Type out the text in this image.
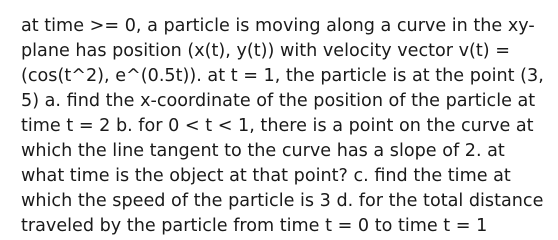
at time >= 0, a particle is moving along a curve in the xy-plane has position (x(t), y(t)) with velocity vector v(t) = (cos(t^2), e^(0.5t)). at t = 1, the particle is at the point (3, 5) a. find the x-coordinate of the position of the particle at time t = 2 b. for 0 < t < 1, there is a point on the curve at which the line tangent to the curve has a slope of 2. at what time is the object at that point? c. find the time at which the speed of the particle is 3 d. for the total distance traveled by the particle from time t = 0 to time t = 1
